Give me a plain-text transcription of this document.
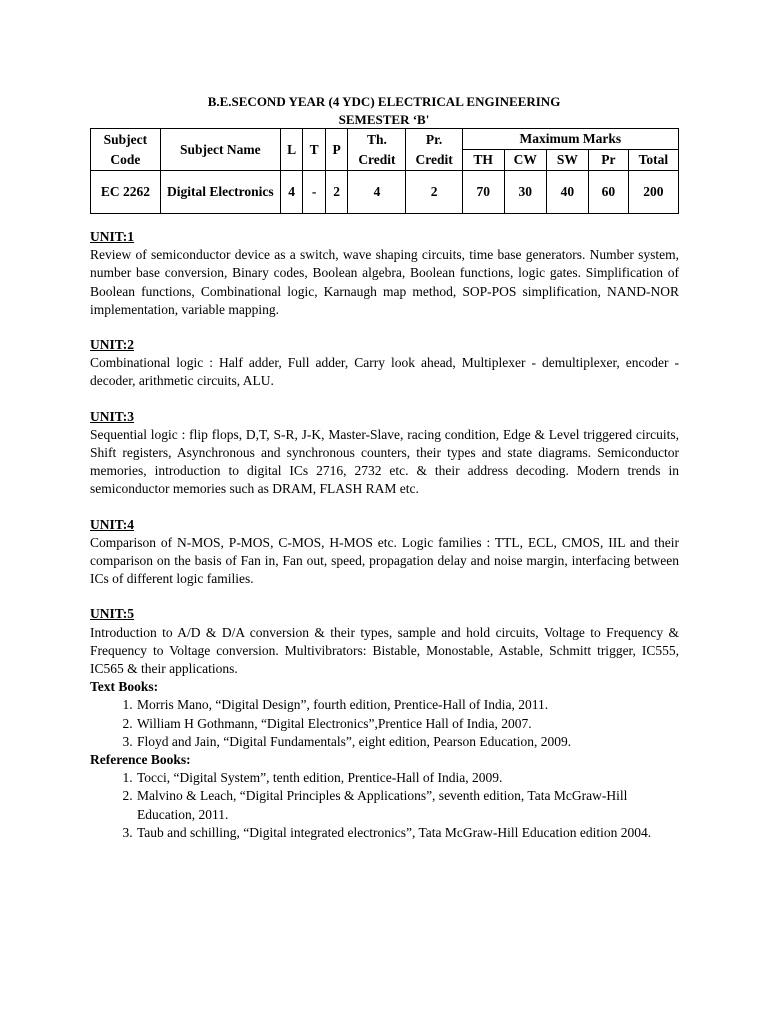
B.E.SECOND YEAR (4 YDC) ELECTRICAL ENGINEERING
SEMESTER ‘B'
Subject Code	Subject Name	L	T	P	Th. Credit	Pr. Credit	Maximum Marks				
							TH	CW	SW	Pr	Total
EC 2262	Digital Electronics	4	-	2	4	2	70	30	40	60	200
UNIT:1
Review of semiconductor device as a switch, wave shaping circuits, time base generators. Number system, number base conversion, Binary codes, Boolean algebra, Boolean functions, logic gates. Simplification of Boolean functions, Combinational logic, Karnaugh map method, SOP-POS simplification, NAND-NOR implementation, variable mapping.
UNIT:2
Combinational logic : Half adder, Full adder, Carry look ahead, Multiplexer - demultiplexer, encoder - decoder, arithmetic circuits, ALU.
UNIT:3
Sequential logic : flip flops, D,T, S-R, J-K, Master-Slave, racing condition, Edge & Level triggered circuits, Shift registers, Asynchronous and synchronous counters, their types and state diagrams. Semiconductor memories, introduction to digital ICs 2716, 2732 etc. & their address decoding. Modern trends in semiconductor memories such as DRAM, FLASH RAM etc.
UNIT:4
Comparison of N-MOS, P-MOS, C-MOS, H-MOS etc. Logic families : TTL, ECL, CMOS, IIL and their comparison on the basis of Fan in, Fan out, speed, propagation delay and noise margin, interfacing between ICs of different logic families.
UNIT:5
Introduction to A/D & D/A conversion & their types, sample and hold circuits, Voltage to Frequency & Frequency to Voltage conversion. Multivibrators: Bistable, Monostable, Astable, Schmitt trigger, IC555, IC565 & their applications.
Text Books:
1. Morris Mano, “Digital Design”, fourth edition, Prentice-Hall of India, 2011.
2. William H Gothmann, “Digital Electronics”,Prentice Hall of India, 2007.
3. Floyd and Jain, “Digital Fundamentals”, eight edition, Pearson Education, 2009.
Reference Books:
1. Tocci, “Digital System”, tenth edition, Prentice-Hall of India, 2009.
2. Malvino & Leach, “Digital Principles & Applications”, seventh edition, Tata McGraw-Hill Education, 2011.
3. Taub and schilling, “Digital integrated electronics”, Tata McGraw-Hill Education edition 2004.
